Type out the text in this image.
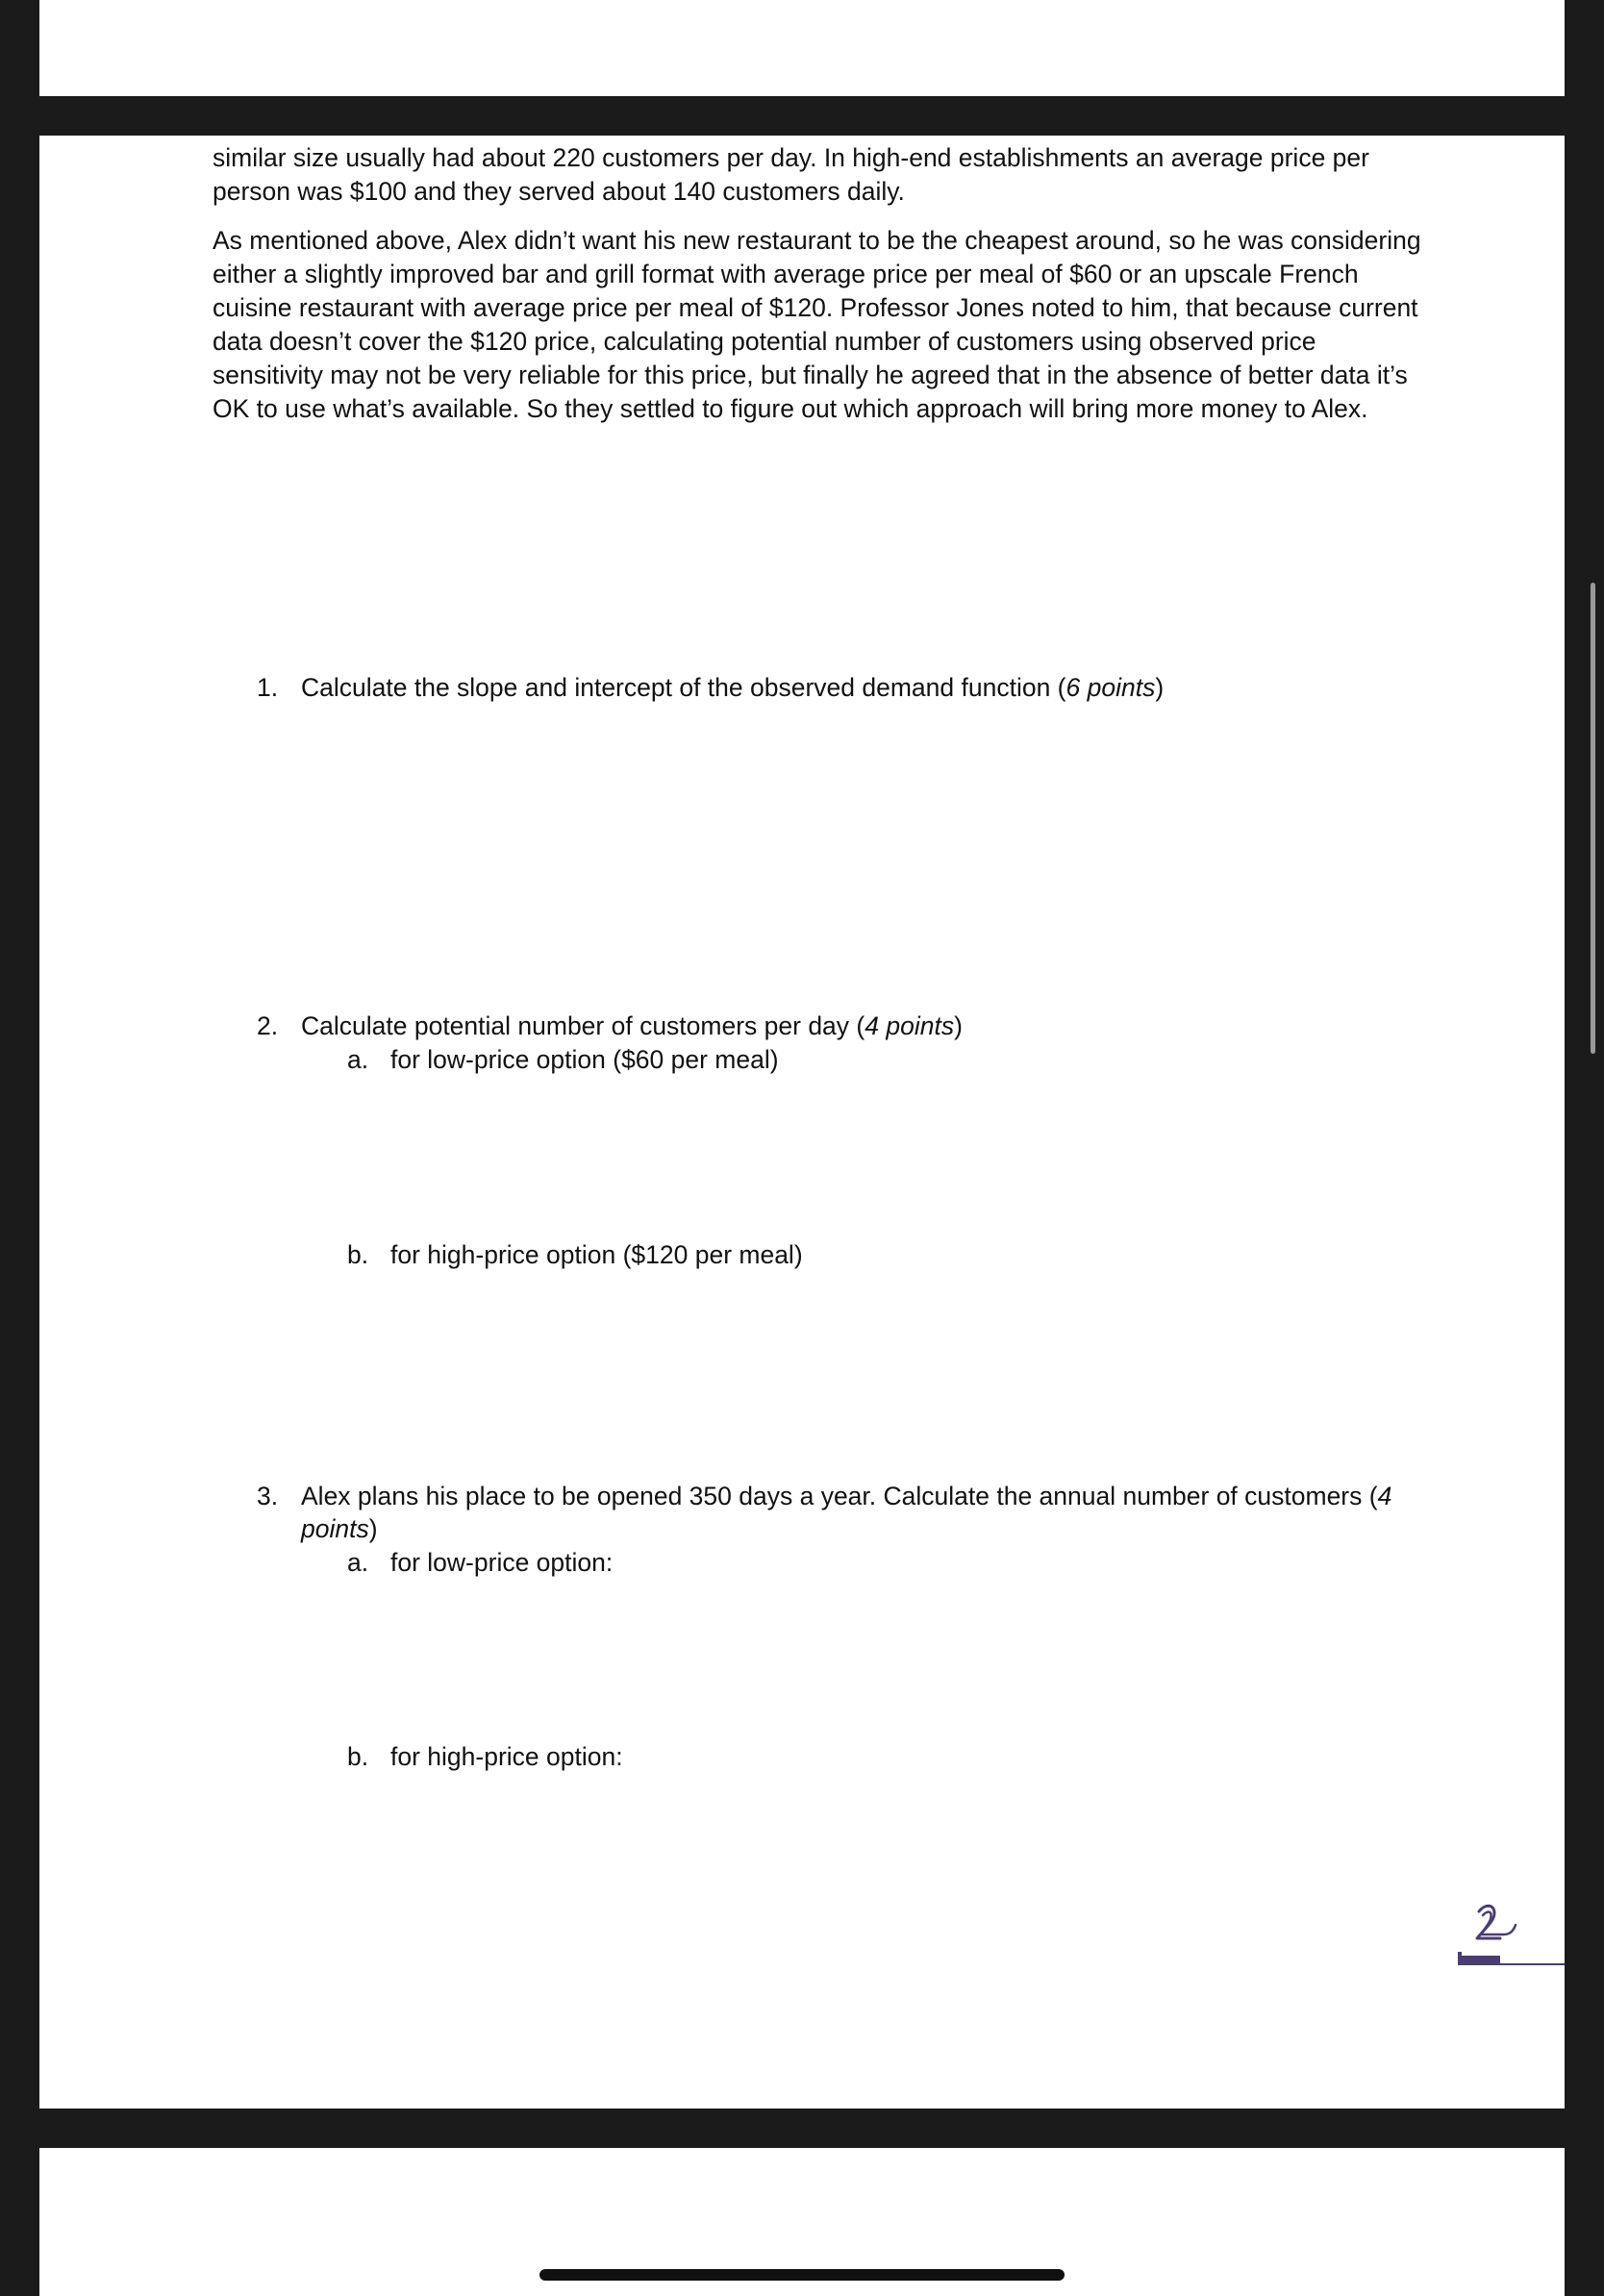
similar size usually had about 220 customers per day. In high-end establishments an average price per
person was $100 and they served about 140 customers daily.
As mentioned above, Alex didn’t want his new restaurant to be the cheapest around, so he was considering
either a slightly improved bar and grill format with average price per meal of $60 or an upscale French
cuisine restaurant with average price per meal of $120. Professor Jones noted to him, that because current
data doesn’t cover the $120 price, calculating potential number of customers using observed price
sensitivity may not be very reliable for this price, but finally he agreed that in the absence of better data it’s
OK to use what’s available. So they settled to figure out which approach will bring more money to Alex.
1. Calculate the slope and intercept of the observed demand function (6 points)
2. Calculate potential number of customers per day (4 points)
a. for low-price option ($60 per meal)
b. for high-price option ($120 per meal)
3. Alex plans his place to be opened 350 days a year. Calculate the annual number of customers (4
points)
a. for low-price option:
b. for high-price option:
